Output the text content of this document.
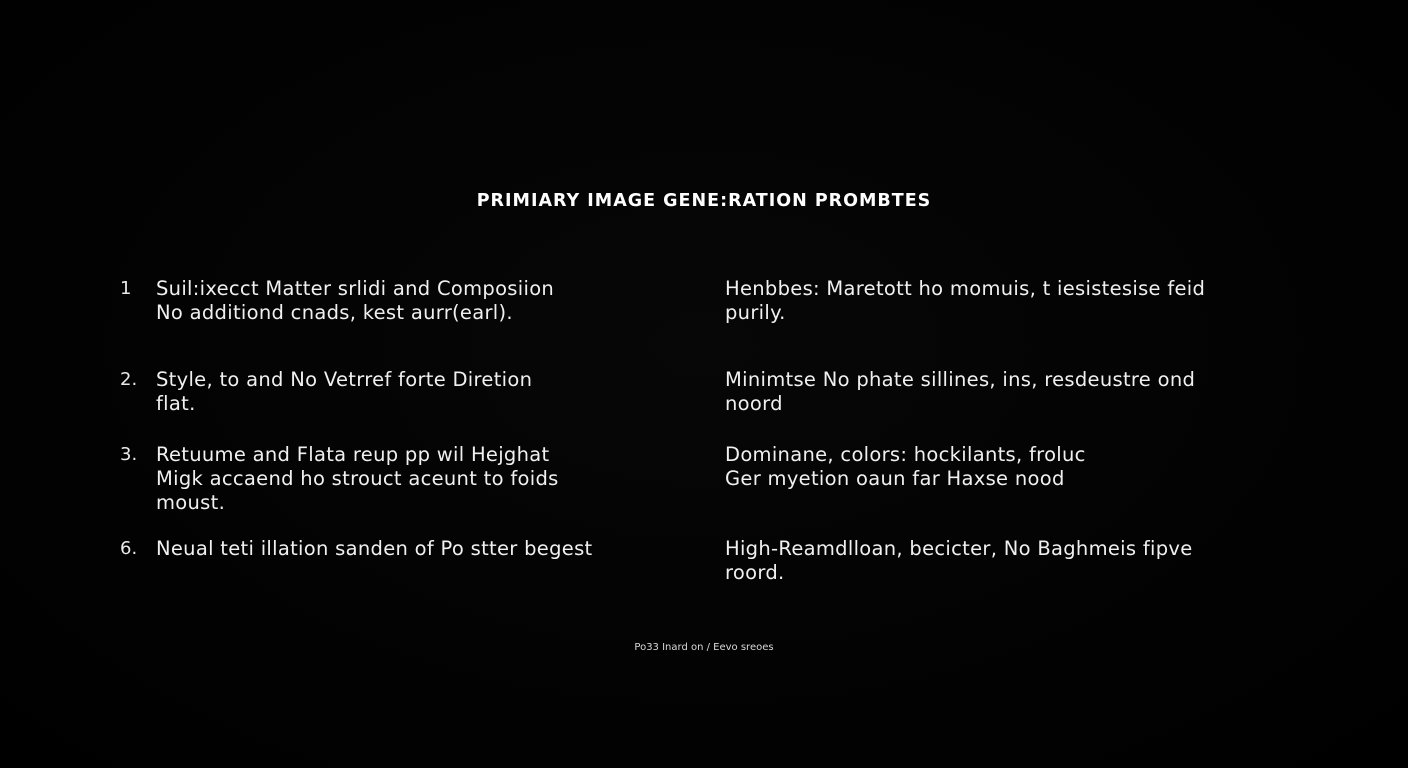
PRIMIARY IMAGE GENE:RATION PROMBTES
1 Suil:ixecct Matter srlidi and Composiion
No additiond cnads, kest aurr(earl).
Henbbes: Maretott ho momuis, t iesistesise feid
purily.
2. Style, to and No Vetrref forte Diretion
flat.
Minimtse No phate sillines, ins, resdeustre ond
noord
3. Retuume and Flata reup pp wil Hejghat
Migk accaend ho strouct aceunt to foids
moust.
Dominane, colors: hockilants, froluc
Ger myetion oaun far Haxse nood
6. Neual teti illation sanden of Po stter begest	High-Reamdlloan, becicter, No Baghmeis fipve
roord.
Po33 Inard on / Eevo sreoes
